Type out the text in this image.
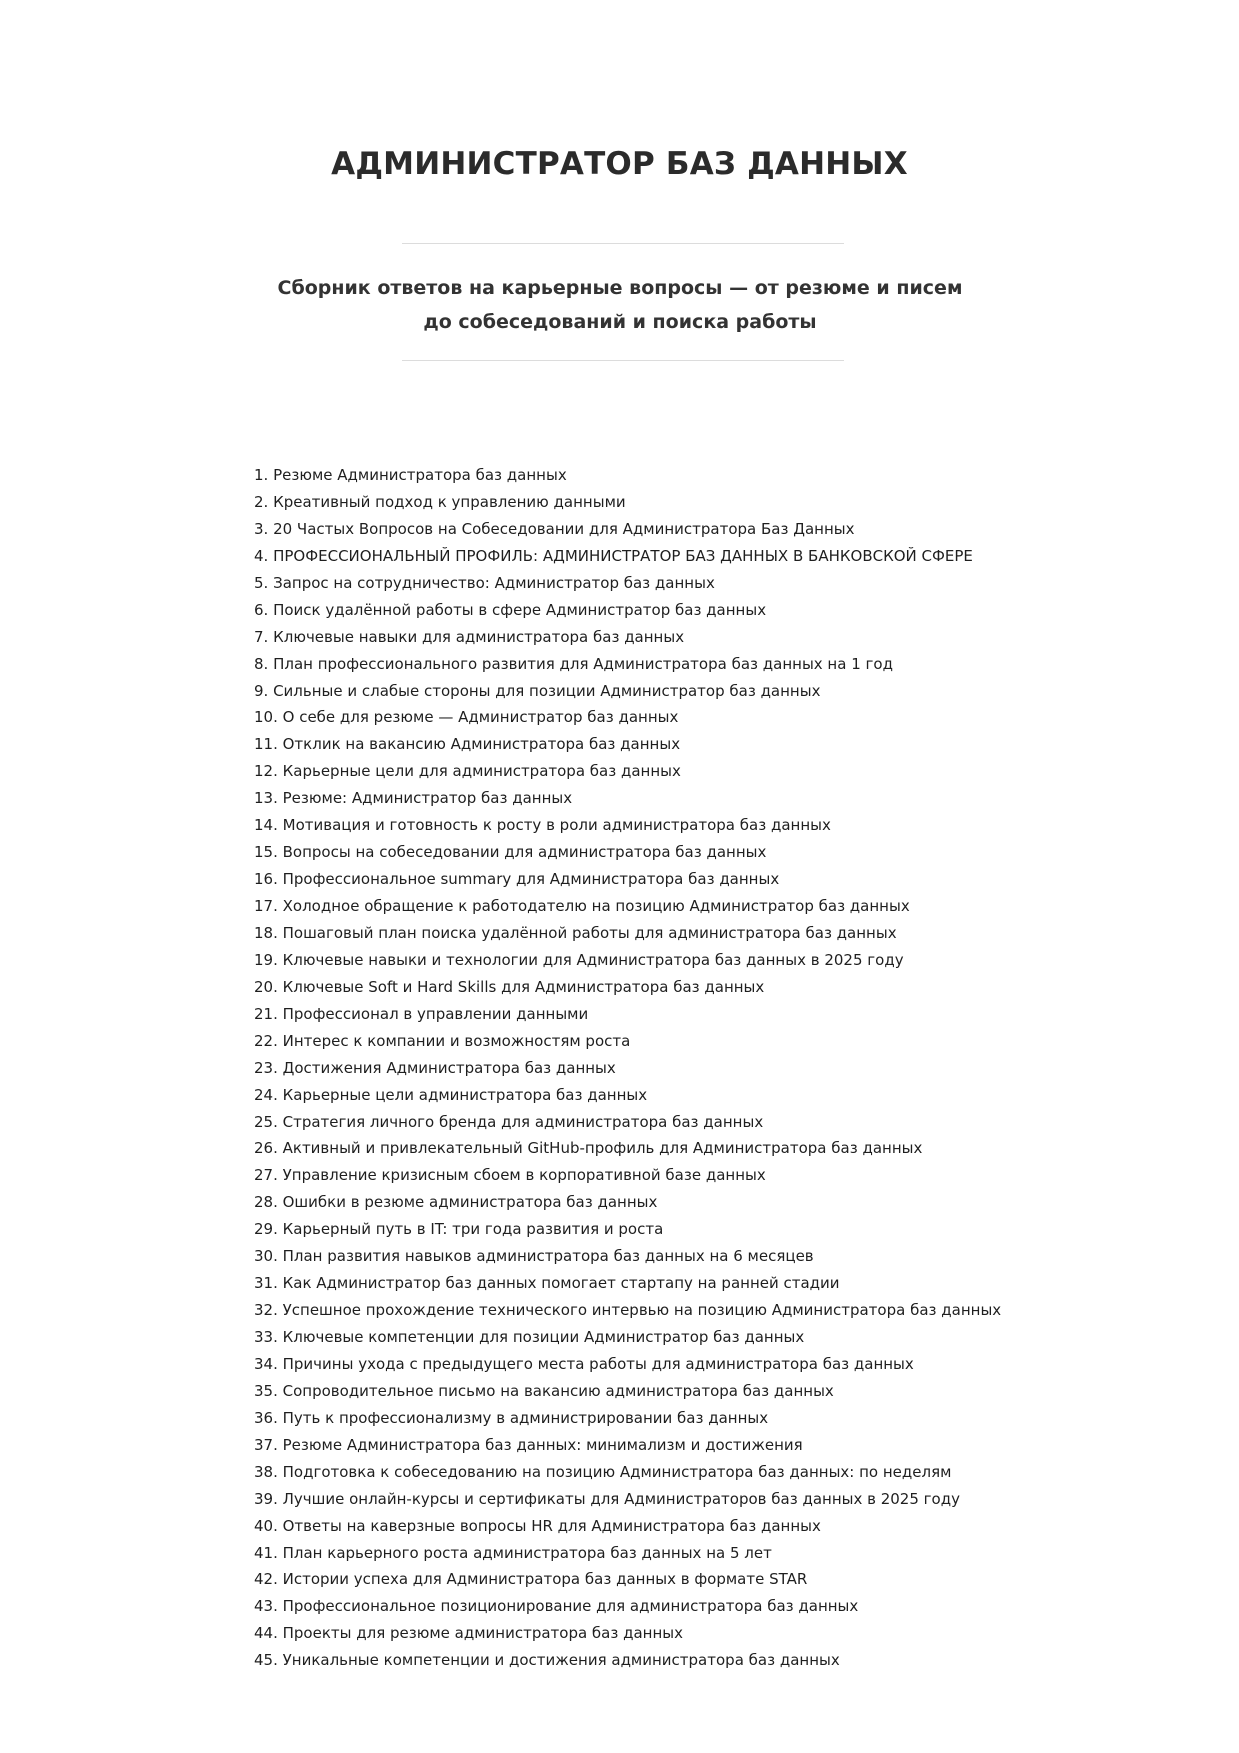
АДМИНИСТРАТОР БАЗ ДАННЫХ
Сборник ответов на карьерные вопросы — от резюме и писем до собеседований и поиска работы
1. Резюме Администратора баз данных
2. Креативный подход к управлению данными
3. 20 Частых Вопросов на Собеседовании для Администратора Баз Данных
4. ПРОФЕССИОНАЛЬНЫЙ ПРОФИЛЬ: АДМИНИСТРАТОР БАЗ ДАННЫХ В БАНКОВСКОЙ СФЕРЕ
5. Запрос на сотрудничество: Администратор баз данных
6. Поиск удалённой работы в сфере Администратор баз данных
7. Ключевые навыки для администратора баз данных
8. План профессионального развития для Администратора баз данных на 1 год
9. Сильные и слабые стороны для позиции Администратор баз данных
10. О себе для резюме — Администратор баз данных
11. Отклик на вакансию Администратора баз данных
12. Карьерные цели для администратора баз данных
13. Резюме: Администратор баз данных
14. Мотивация и готовность к росту в роли администратора баз данных
15. Вопросы на собеседовании для администратора баз данных
16. Профессиональное summary для Администратора баз данных
17. Холодное обращение к работодателю на позицию Администратор баз данных
18. Пошаговый план поиска удалённой работы для администратора баз данных
19. Ключевые навыки и технологии для Администратора баз данных в 2025 году
20. Ключевые Soft и Hard Skills для Администратора баз данных
21. Профессионал в управлении данными
22. Интерес к компании и возможностям роста
23. Достижения Администратора баз данных
24. Карьерные цели администратора баз данных
25. Стратегия личного бренда для администратора баз данных
26. Активный и привлекательный GitHub-профиль для Администратора баз данных
27. Управление кризисным сбоем в корпоративной базе данных
28. Ошибки в резюме администратора баз данных
29. Карьерный путь в IT: три года развития и роста
30. План развития навыков администратора баз данных на 6 месяцев
31. Как Администратор баз данных помогает стартапу на ранней стадии
32. Успешное прохождение технического интервью на позицию Администратора баз данных
33. Ключевые компетенции для позиции Администратор баз данных
34. Причины ухода с предыдущего места работы для администратора баз данных
35. Сопроводительное письмо на вакансию администратора баз данных
36. Путь к профессионализму в администрировании баз данных
37. Резюме Администратора баз данных: минимализм и достижения
38. Подготовка к собеседованию на позицию Администратора баз данных: по неделям
39. Лучшие онлайн-курсы и сертификаты для Администраторов баз данных в 2025 году
40. Ответы на каверзные вопросы HR для Администратора баз данных
41. План карьерного роста администратора баз данных на 5 лет
42. Истории успеха для Администратора баз данных в формате STAR
43. Профессиональное позиционирование для администратора баз данных
44. Проекты для резюме администратора баз данных
45. Уникальные компетенции и достижения администратора баз данных
